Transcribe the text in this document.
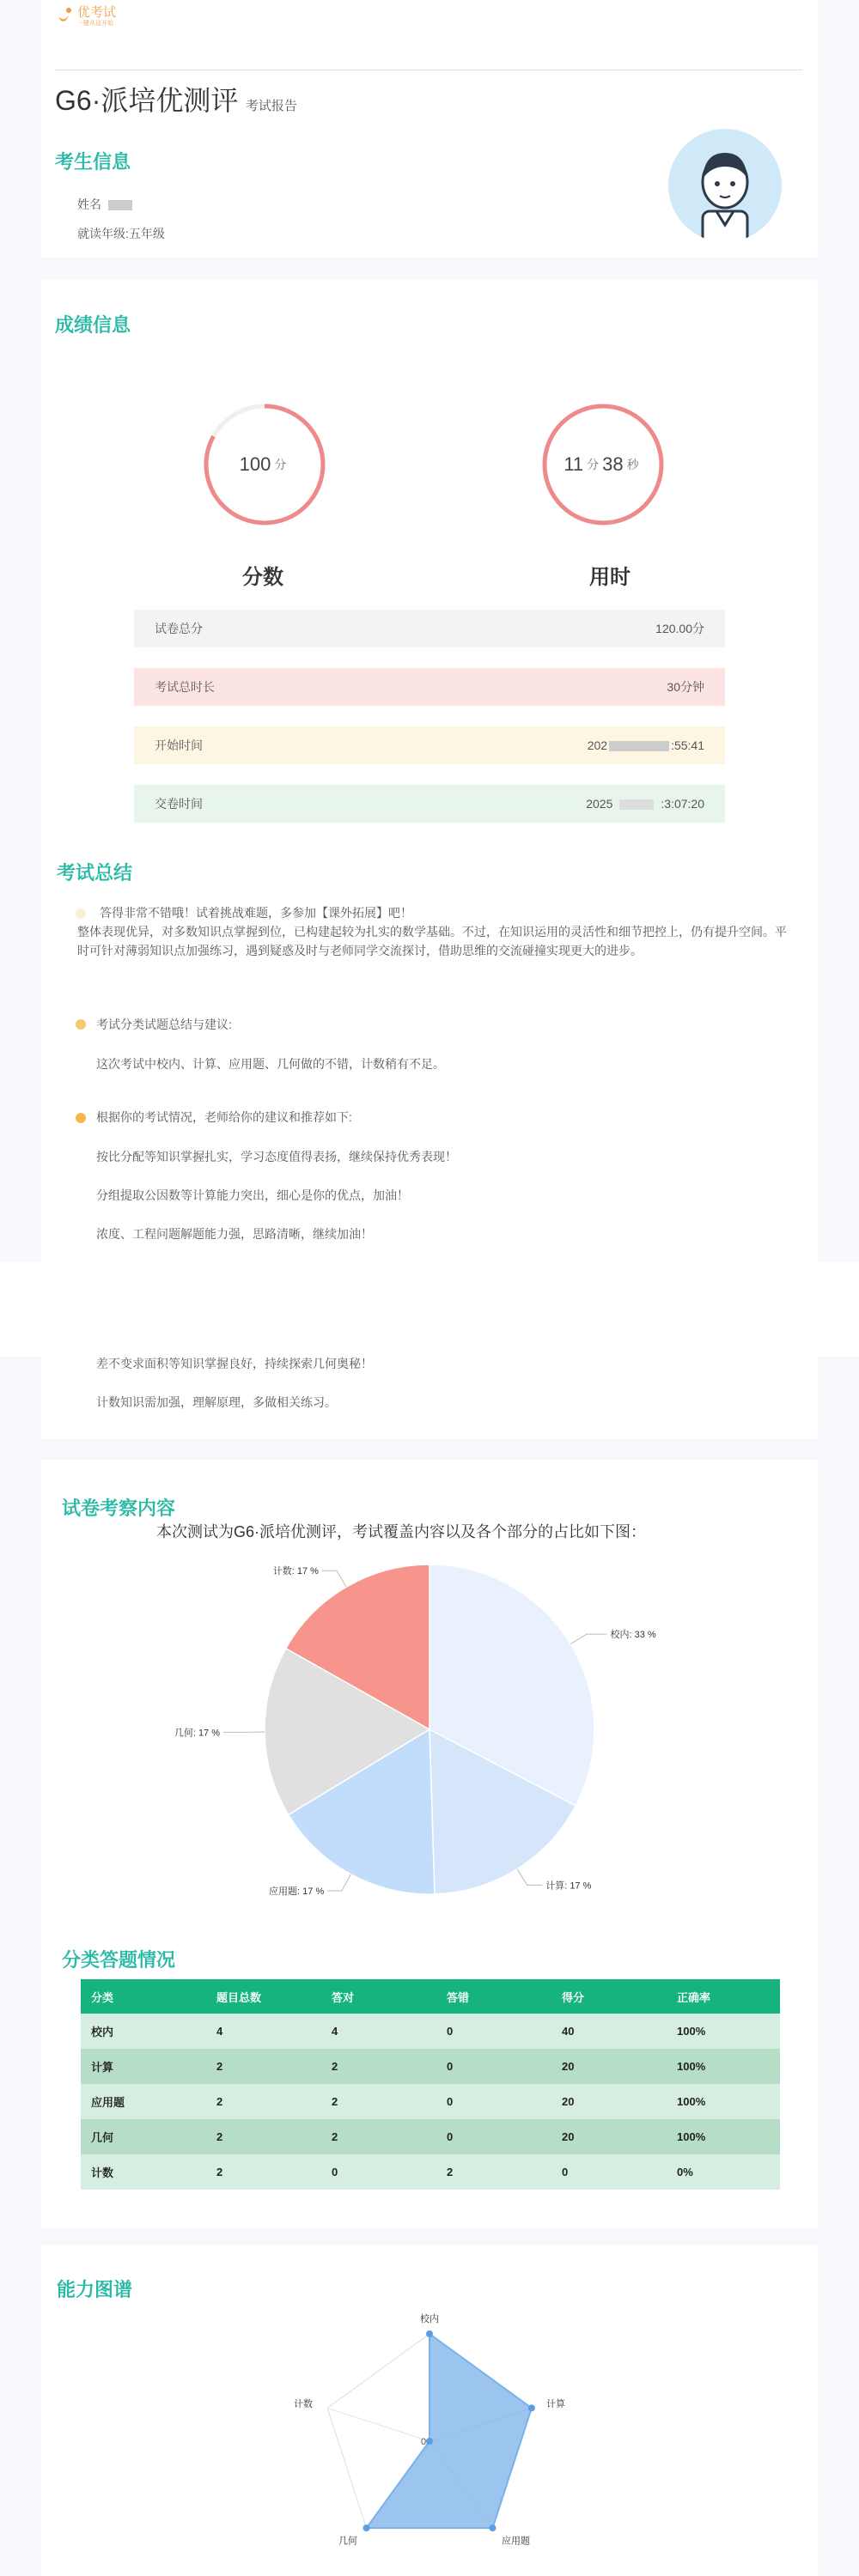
优考试
一键从这开始
G6·派培优测评 考试报告
考生信息
姓名
就读年级:五年级
成绩信息
100 分
分数
11 分 38 秒
用时
试卷总分	120.00分
考试总时长	30分钟
开始时间	202	:55:41
交卷时间	2025	:3:07:20
考试总结

答得非常不错哦！试着挑战难题，多参加【课外拓展】吧！

整体表现优异，对多数知识点掌握到位，已构建起较为扎实的数学基础。不过，在知识运用的灵活性和细节把控上，仍有提升空间。平时可针对薄弱知识点加强练习，遇到疑惑及时与老师同学交流探讨，借助思维的交流碰撞实现更大的进步。

考试分类试题总结与建议:

这次考试中校内、计算、应用题、几何做的不错，计数稍有不足。

根据你的考试情况，老师给你的建议和推荐如下:

按比分配等知识掌握扎实，学习态度值得表扬，继续保持优秀表现！

分组提取公因数等计算能力突出，细心是你的优点，加油！

浓度、工程问题解题能力强，思路清晰，继续加油！

差不变求面积等知识掌握良好，持续探索几何奥秘！

计数知识需加强，理解原理，多做相关练习。

试卷考察内容
本次测试为G6·派培优测评，考试覆盖内容以及各个部分的占比如下图：
校内: 33 %
计算: 17 %
应用题: 17 %
几何: 17 %
计数: 17 %
分类答题情况
分类	题目总数	答对	答错	得分	正确率
校内	4	4	0	40	100%
计算	2	2	0	20	100%
应用题	2	2	0	20	100%
几何	2	2	0	20	100%
计数	2	0	2	0	0%
能力图谱
校内
计算
应用题
几何
计数
0
